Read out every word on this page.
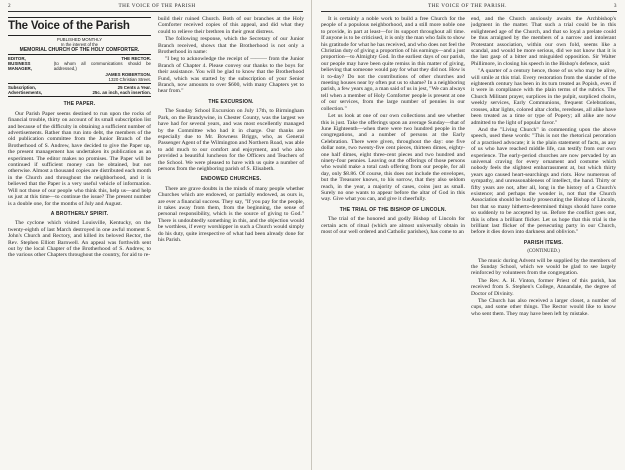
2	THE VOICE OF THE PARISH
The Voice of the Parish
PUBLISHED MONTHLY
In the interest of the
MEMORIAL CHURCH OF THE HOLY COMFORTER.
EDITOR,	THE RECTOR.
BUSINESS MANAGER,
(to whom all communications should be addressed,)
JAMES ROBERTSON.
1320 Christian Street.
Subscription,	25 Cents a Year.
Advertisements,	25c. an inch, each insertion.
THE PAPER.

Our Parish Paper seems destined to run upon the rocks of financial trouble, thirty on account of its small subscription list and because of the difficulty in obtaining a sufficient number of advertisements. Rather than run into debt, the members of the old publication committee from the Junior Branch of the Brotherhood of S. Andrew, have decided to give the Paper up, the present management has undertaken its publication as an experiment. The editor makes no promises. The Paper will be continued if sufficient money can be obtained, but not otherwise. Almost a thousand copies are distributed each month in the Church and throughout the neighborhood, and it is believed that the Paper is a very useful vehicle of information. Will not those of our people who think this, help us—and help us just at this time—to continue the issue? The present number is a double one, for the months of July and August.

A BROTHERLY SPIRIT.

The cyclone which visited Louisville, Kentucky, on the twenty-eighth of last March destroyed in one awful moment S. John's Church and Rectory, and killed its beloved Rector, the Rev. Stephen Elliott Barnwell. An appeal was forthwith sent out by the local Chapter of the Brotherhood of S. Andrew, to the various other Chapters throughout the country, for aid to re-

build their ruined Church. Both of our branches at the Holy Comforter received copies of this appeal, and did what they could to relieve their brethren in their great distress.

The following response, which the Secretary of our Junior Branch received, shows that the Brotherhood is not only a Brotherhood in name:

"I beg to acknowledge the receipt of ——— from the Junior Branch of Chapter 4. Please convey our thanks to the boys for their assistance. You will be glad to know that the Brotherhood Fund, which was started by the subscription of your Senior Branch, now amounts to over $600, with many Chapters yet to hear from."

THE EXCURSION.

The Sunday School Excursion on July 17th, to Birmingham Park, on the Brandywine, in Chester County, was the largest we have had for several years, and was most excellently managed by the Committee who had it in charge. Our thanks are especially due to Mr. Bowness Briggs, who, as General Passenger Agent of the Wilmington and Northern Road, was able to add much to our comfort and enjoyment, and who also provided a beautiful luncheon for the Officers and Teachers of the School. We were pleased to have with us quite a number of persons from the neighboring parish of S. Elisabeth.

ENDOWED CHURCHES.

There are grave doubts in the minds of many people whether Churches which are endowed, or partially endowed, as ours is, are ever a financial success. They say, "If you pay for the people, it takes away from them, from the beginning, the sense of personal responsibility, which is the source of giving to God." There is undoubtedly something in this, and the objection would be worthless, if every worshipper in such a Church would simply do his duty, quite irrespective of what had been already done for his Parish.

THE VOICE OF THE PARISH.	3

It is certainly a noble work to build a free Church for the people of a populous neighborhood, and a still more noble one to provide, in part at least—for its support throughout all time. If anyone is to be criticised, it is only the man who fails to show his gratitude for what he has received, and who does not feel the Christian duty of giving a proportion of his earnings—and a just proportion—to Almighty God. In the earliest days of our parish, our people may have been quite remiss in this matter of giving, believing that someone would pay for what they did not. How is it to-day? Do not the contributions of other churches and meeting houses near by often put us to shame? In a neighboring parish, a few years ago, a man said of us in jest, "We can always tell when a member of Holy Comforter people is present at one of our services, from the large number of pennies in our collection."

Let us look at one of our own collections and see whether this is just. Take the offerings upon an average Sunday—that of June Eighteenth—when there were two hundred people in the congregations, and a number of persons at the Early Celebration. There were given, throughout the day: one five dollar note, two twenty-five cent pieces, thirteen dimes, eighty-one half dimes, eight three-cent pieces and two hundred and ninety-four pennies. Leaving out the offerings of those persons who would make a total cash offering from our people, for all day, only $8.86. Of course, this does not include the envelopes, but the Treasurer knows, to his sorrow, that they also seldom reach, in the year, a majority of cases, coins just as small. Surely no one wants to appear before the altar of God in this way. Give what you can, and give it cheerfully.

THE TRIAL OF THE BISHOP OF LINCOLN.

The trial of the honored and godly Bishop of Lincoln for certain acts of ritual (which are almost universally obtain in most of our well ordered and Catholic parishes), has come to an

end, and the Church anxiously awaits the Archbishop's judgment in the matter. That such a trial could be in this enlightened age of the Church, and that so loyal a prelate could be thus arraigned by the members of a narrow and intolerant Protestant association, within our own fold, seems like a scandal, and would be more serious, did we not know that it is the last gasp of a bitter and misguided opposition. Sir Walter Phillimore, in closing his speech in the Bishop's defence, said:

"A quarter of a century hence, those of us who may be alive, will smile at this trial. Every restoration from the slander of the eighteenth century has been in its turn treated as Popish, even if it were in compliance with the plain terms of the rubrics. The Church Militant prayer, surplices in the pulpit, surpliced choirs, weekly services, Early Communions, frequent Celebrations, crosses, altar lights, colored altar cloths, reredoses, all alike have been treated as a time or type of Popery; all alike are now admitted to the light of popular favor."

And the "Living Church" in commenting upon the above speech, used these words: "This is not the rhetorical peroration of a practised advocate; it is the plain statement of facts, as any of us who have reached middle life, can testify from our own experience. The early-period churches are now pervaded by an universal craving for every ornament and costume which nobody feels the slightest embarrassment at, but which thirty years ago caused heart-searchings and riots. How numerous of sympathy, and unreasonableness of intellect, the hand. Thirty or fifty years are not, after all, long in the history of a Church's existence; and perhaps the wonder is, not that the Church Association should be busily prosecuting the Bishop of Lincoln, but that so many hitherto-determined things should have come so suddenly to be accepted by us. Before the conflict goes out, this is often a brilliant flicker. Let us hope that this trial is the brilliant last flicker of the persecuting party in our Church, before it dies down into darkness and oblivion."

PARISH ITEMS.
(CONTINUED.)

The music during Advent will be supplied by the members of the Sunday School, which we would be glad to see largely reinforced by volunteers from the congregation.

The Rev. A. H. Vinton, former Priest of this parish, has received from S. Stephen's College, Annandale, the degree of Doctor of Divinity.

The Church has also received a larger closet, a number of cups, and some other things. The Rector would like to know who sent them. They may have been left by mistake.
